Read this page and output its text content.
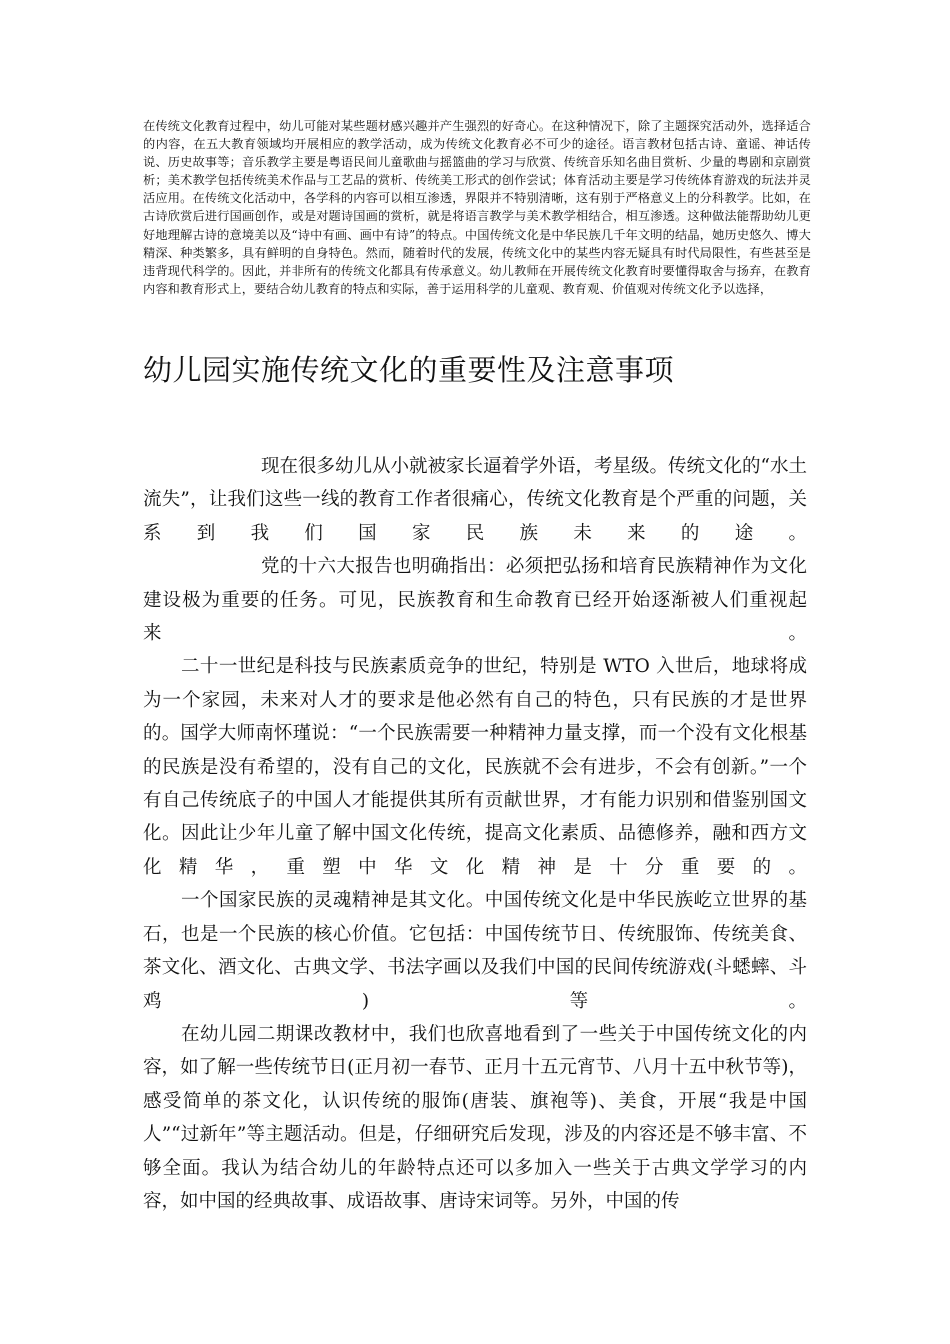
在传统文化教育过程中，幼儿可能对某些题材感兴趣并产生强烈的好奇心。在这种情况下，除了主题探究活动外，选择适合的内容，在五大教育领域均开展相应的教学活动，成为传统文化教育必不可少的途径。语言教材包括古诗、童谣、神话传说、历史故事等；音乐教学主要是粤语民间儿童歌曲与摇篮曲的学习与欣赏、传统音乐知名曲目赏析、少量的粤剧和京剧赏析；美术教学包括传统美术作品与工艺品的赏析、传统美工形式的创作尝试；体育活动主要是学习传统体育游戏的玩法并灵活应用。在传统文化活动中，各学科的内容可以相互渗透，界限并不特别清晰，这有别于严格意义上的分科教学。比如，在古诗欣赏后进行国画创作，或是对题诗国画的赏析，就是将语言教学与美术教学相结合，相互渗透。这种做法能帮助幼儿更好地理解古诗的意境美以及“诗中有画、画中有诗”的特点。中国传统文化是中华民族几千年文明的结晶，她历史悠久、博大精深、种类繁多，具有鲜明的自身特色。然而，随着时代的发展，传统文化中的某些内容无疑具有时代局限性，有些甚至是违背现代科学的。因此，并非所有的传统文化都具有传承意义。幼儿教师在开展传统文化教育时要懂得取舍与扬弃，在教育内容和教育形式上，要结合幼儿教育的特点和实际，善于运用科学的儿童观、教育观、价值观对传统文化予以选择，
幼儿园实施传统文化的重要性及注意事项

现在很多幼儿从小就被家长逼着学外语，考星级。传统文化的“水土流失”，让我们这些一线的教育工作者很痛心，传统文化教育是个严重的问题，关系到我们国家民族未来的途。

党的十六大报告也明确指出：必须把弘扬和培育民族精神作为文化建设极为重要的任务。可见，民族教育和生命教育已经开始逐渐被人们重视起来。

二十一世纪是科技与民族素质竞争的世纪，特别是 WTO 入世后，地球将成为一个家园，未来对人才的要求是他必然有自己的特色，只有民族的才是世界的。国学大师南怀瑾说：“一个民族需要一种精神力量支撑，而一个没有文化根基的民族是没有希望的，没有自己的文化，民族就不会有进步，不会有创新。”一个有自己传统底子的中国人才能提供其所有贡献世界，才有能力识别和借鉴别国文化。因此让少年儿童了解中国文化传统，提高文化素质、品德修养，融和西方文化精华，重塑中华文化精神是十分重要的。

一个国家民族的灵魂精神是其文化。中国传统文化是中华民族屹立世界的基石，也是一个民族的核心价值。它包括：中国传统节日、传统服饰、传统美食、茶文化、酒文化、古典文学、书法字画以及我们中国的民间传统游戏(斗蟋蟀、斗鸡)等。

在幼儿园二期课改教材中，我们也欣喜地看到了一些关于中国传统文化的内容，如了解一些传统节日(正月初一春节、正月十五元宵节、八月十五中秋节等)，感受简单的茶文化，认识传统的服饰(唐装、旗袍等)、美食，开展“我是中国人”“过新年”等主题活动。但是，仔细研究后发现，涉及的内容还是不够丰富、不够全面。我认为结合幼儿的年龄特点还可以多加入一些关于古典文学学习的内容，如中国的经典故事、成语故事、唐诗宋词等。另外，中国的传
